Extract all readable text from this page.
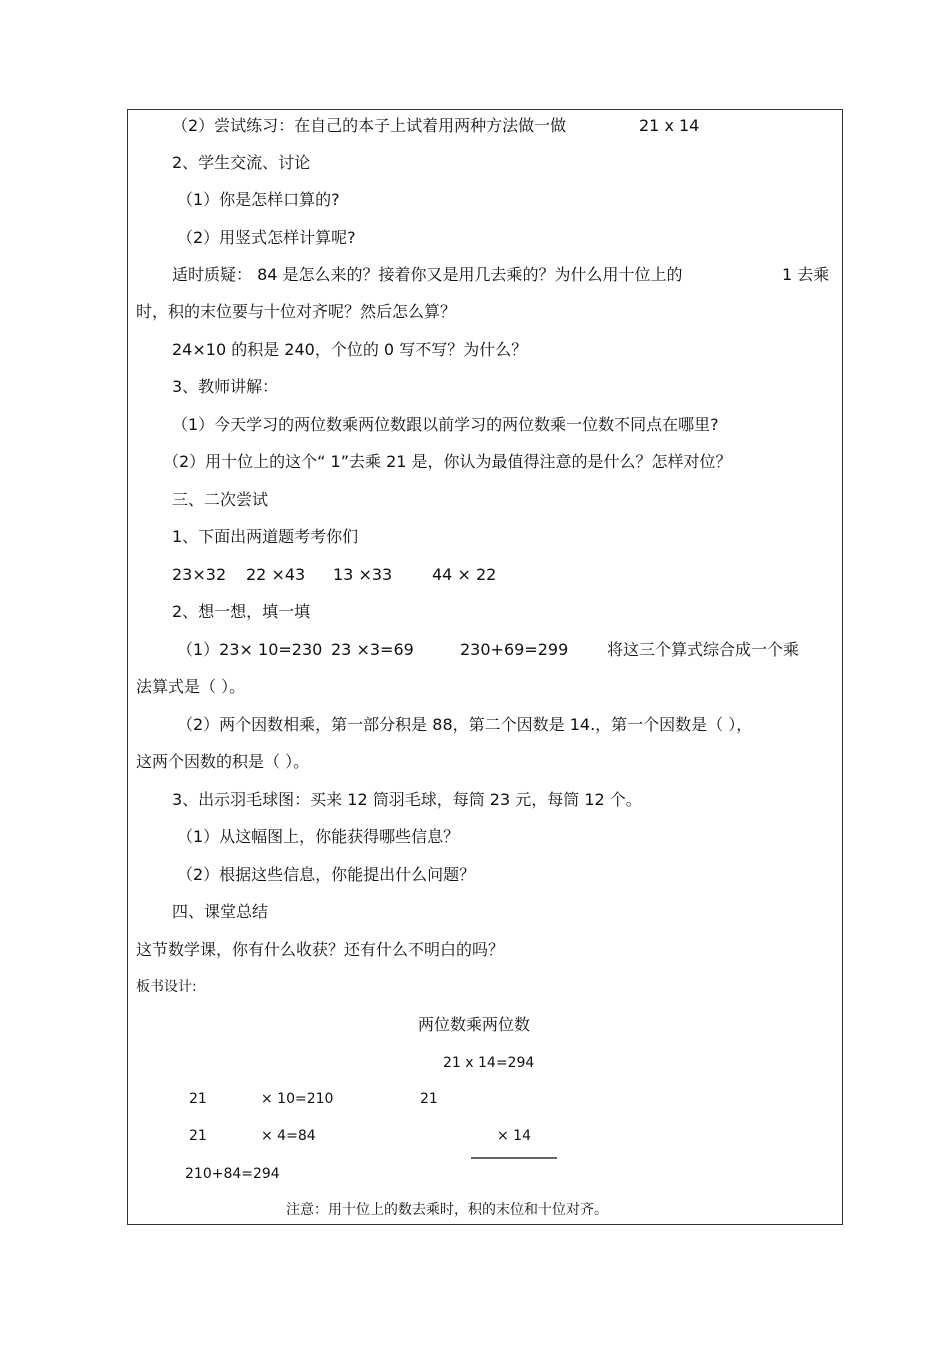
（2）尝试练习：在自己的本子上试着用两种方法做一做	21 x 14
2、学生交流、讨论
（1）你是怎样口算的?
（2）用竖式怎样计算呢?
适时质疑： 84 是怎么来的？接着你又是用几去乘的？为什么用十位上的	1 去乘
时，积的末位要与十位对齐呢？然后怎么算？
24×10 的积是 240，个位的 0 写不写？为什么？
3、教师讲解：
（1）今天学习的两位数乘两位数跟以前学习的两位数乘一位数不同点在哪里?
（2）用十位上的这个“ 1”去乘 21 是，你认为最值得注意的是什么？怎样对位？
三、二次尝试
1、下面出两道题考考你们
23×32 22 ×43 13 ×33 44 × 22
2、想一想，填一填
（1）23× 10=230 23 ×3=69	230+69=299 将这三个算式综合成一个乘
法算式是（ ）。
（2）两个因数相乘，第一部分积是 88，第二个因数是 14.，第一个因数是（ ），
这两个因数的积是（ ）。
3、出示羽毛球图：买来 12 筒羽毛球，每筒 23 元，每筒 12 个。
（1）从这幅图上，你能获得哪些信息？
（2）根据这些信息，你能提出什么问题？
四、课堂总结
这节数学课，你有什么收获？还有什么不明白的吗？
板书设计:
两位数乘两位数
21 x 14=294
21	× 10=210	21
21	× 4=84	× 14
210+84=294
注意：用十位上的数去乘时，积的末位和十位对齐。
